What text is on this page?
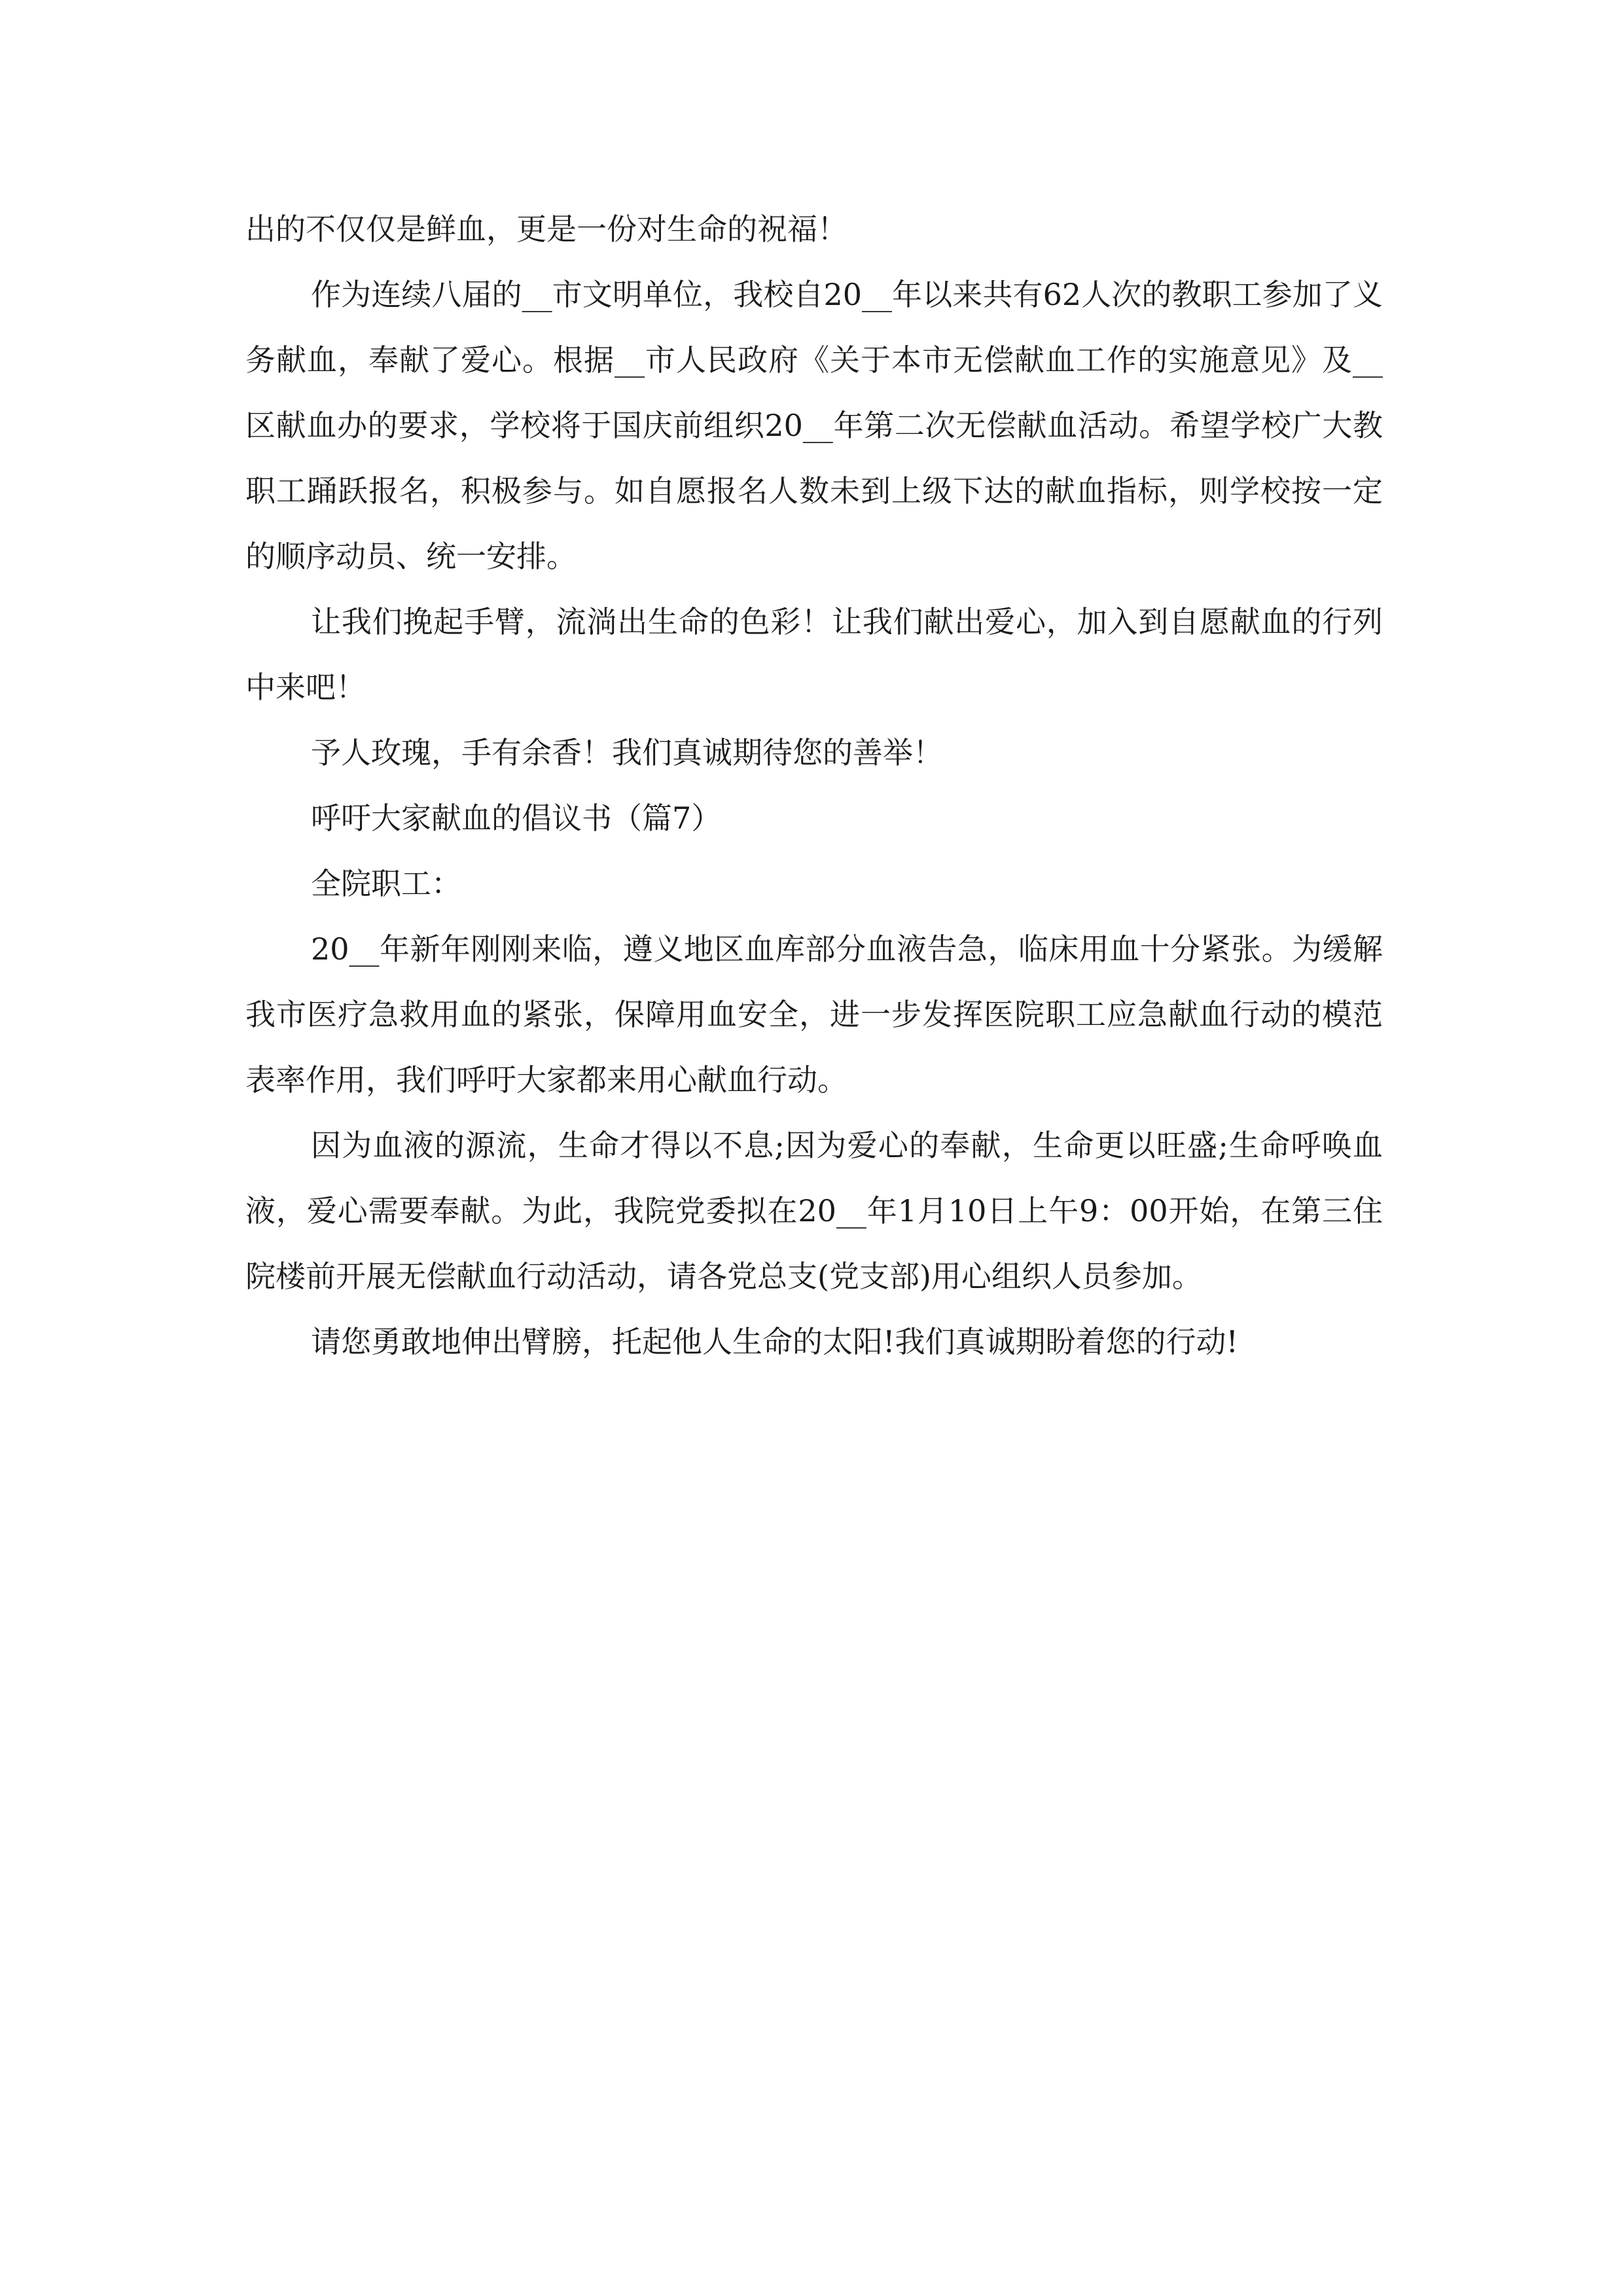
出的不仅仅是鲜血，更是一份对生命的祝福！

作为连续八届的__市文明单位，我校自20__年以来共有62人次的教职工参加了义务献血，奉献了爱心。根据__市人民政府《关于本市无偿献血工作的实施意见》及__区献血办的要求，学校将于国庆前组织20__年第二次无偿献血活动。希望学校广大教职工踊跃报名，积极参与。如自愿报名人数未到上级下达的献血指标，则学校按一定的顺序动员、统一安排。

让我们挽起手臂，流淌出生命的色彩！让我们献出爱心，加入到自愿献血的行列中来吧！

予人玫瑰，手有余香！我们真诚期待您的善举！

呼吁大家献血的倡议书（篇7）

全院职工：

20__年新年刚刚来临，遵义地区血库部分血液告急，临床用血十分紧张。为缓解我市医疗急救用血的紧张，保障用血安全，进一步发挥医院职工应急献血行动的模范表率作用，我们呼吁大家都来用心献血行动。

因为血液的源流，生命才得以不息;因为爱心的奉献，生命更以旺盛;生命呼唤血液，爱心需要奉献。为此，我院党委拟在20__年1月10日上午9：00开始，在第三住院楼前开展无偿献血行动活动，请各党总支(党支部)用心组织人员参加。

请您勇敢地伸出臂膀，托起他人生命的太阳!我们真诚期盼着您的行动!
